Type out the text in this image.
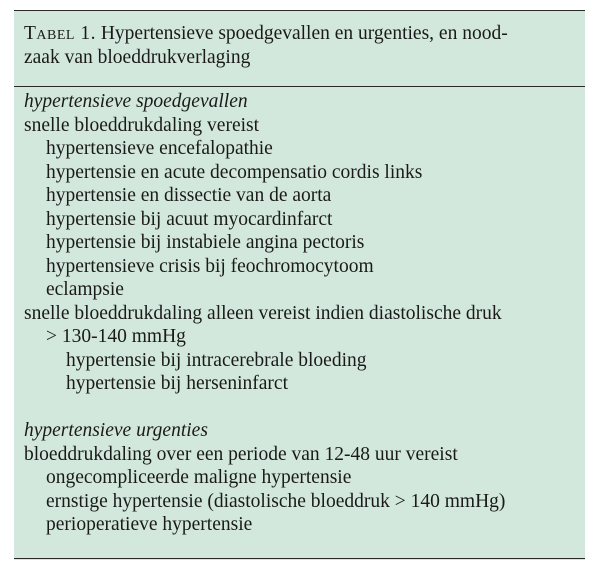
Tabel 1. Hypertensieve spoedgevallen en urgenties, en nood-
zaak van bloeddrukverlaging
hypertensieve spoedgevallen
snelle bloeddrukdaling vereist
hypertensieve encefalopathie
hypertensie en acute decompensatio cordis links
hypertensie en dissectie van de aorta
hypertensie bij acuut myocardinfarct
hypertensie bij instabiele angina pectoris
hypertensieve crisis bij feochromocytoom
eclampsie
snelle bloeddrukdaling alleen vereist indien diastolische druk
> 130-140 mmHg
hypertensie bij intracerebrale bloeding
hypertensie bij herseninfarct
hypertensieve urgenties
bloeddrukdaling over een periode van 12-48 uur vereist
ongecompliceerde maligne hypertensie
ernstige hypertensie (diastolische bloeddruk > 140 mmHg)
perioperatieve hypertensie
